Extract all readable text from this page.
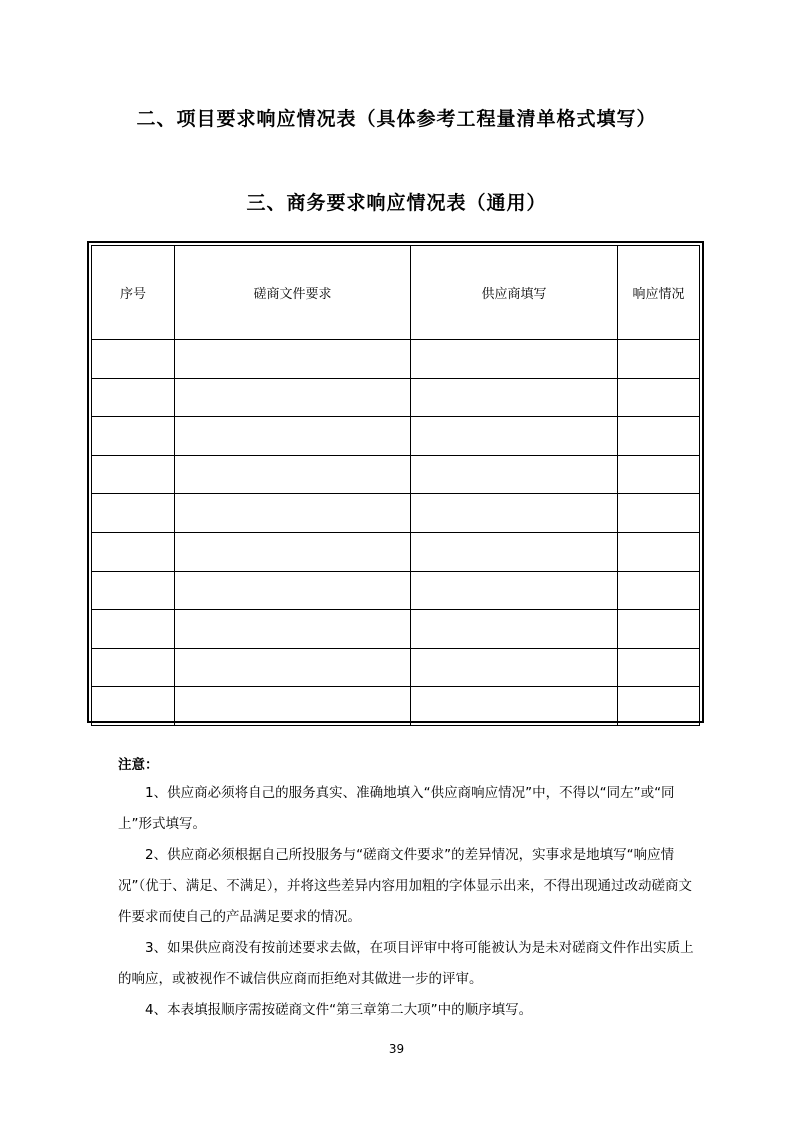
二、项目要求响应情况表（具体参考工程量清单格式填写）
三、商务要求响应情况表（通用）
序号	磋商文件要求	供应商填写	响应情况

注意：

1、供应商必须将自己的服务真实、准确地填入“供应商响应情况”中，不得以“同左”或“同上”形式填写。

2、供应商必须根据自己所投服务与“磋商文件要求”的差异情况，实事求是地填写“响应情况”（优于、满足、不满足），并将这些差异内容用加粗的字体显示出来，不得出现通过改动磋商文件要求而使自己的产品满足要求的情况。

3、如果供应商没有按前述要求去做，在项目评审中将可能被认为是未对磋商文件作出实质上的响应，或被视作不诚信供应商而拒绝对其做进一步的评审。

4、本表填报顺序需按磋商文件“第三章第二大项”中的顺序填写。

39
